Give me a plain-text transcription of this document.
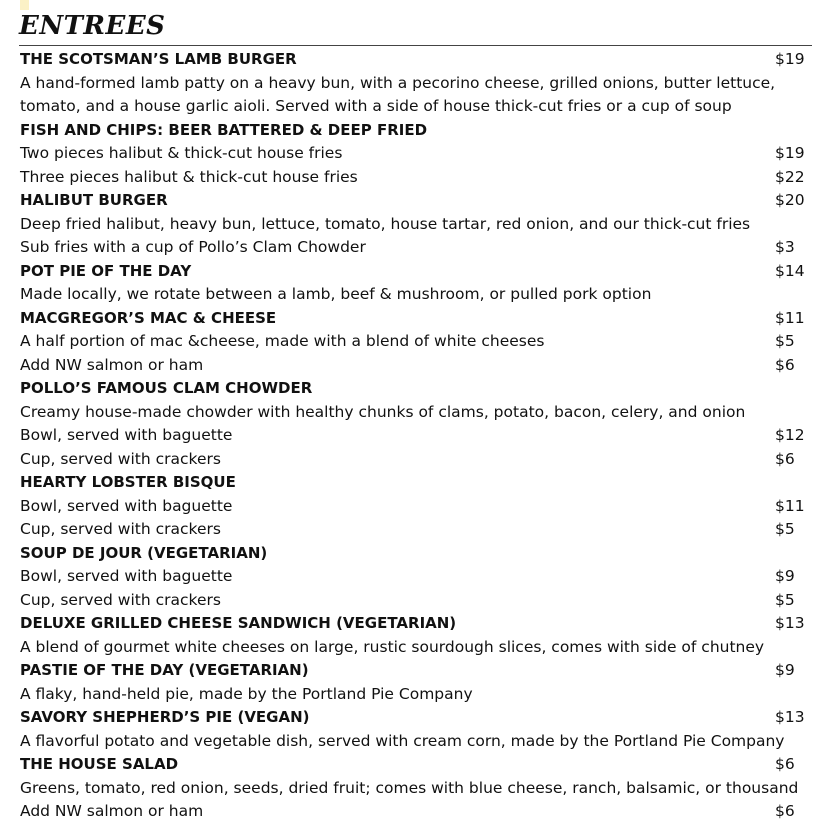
ENTREES
THE SCOTSMAN’S LAMB BURGER	$19
A hand-formed lamb patty on a heavy bun, with a pecorino cheese, grilled onions, butter lettuce,
tomato, and a house garlic aioli. Served with a side of house thick-cut fries or a cup of soup
FISH AND CHIPS: BEER BATTERED & DEEP FRIED
Two pieces halibut & thick-cut house fries	$19
Three pieces halibut & thick-cut house fries	$22
HALIBUT BURGER	$20
Deep fried halibut, heavy bun, lettuce, tomato, house tartar, red onion, and our thick-cut fries
Sub fries with a cup of Pollo’s Clam Chowder	$3
POT PIE OF THE DAY	$14
Made locally, we rotate between a lamb, beef & mushroom, or pulled pork option
MACGREGOR’S MAC & CHEESE	$11
A half portion of mac &cheese, made with a blend of white cheeses	$5
Add NW salmon or ham	$6
POLLO’S FAMOUS CLAM CHOWDER
Creamy house-made chowder with healthy chunks of clams, potato, bacon, celery, and onion
Bowl, served with baguette	$12
Cup, served with crackers	$6
HEARTY LOBSTER BISQUE
Bowl, served with baguette	$11
Cup, served with crackers	$5
SOUP DE JOUR (VEGETARIAN)
Bowl, served with baguette	$9
Cup, served with crackers	$5
DELUXE GRILLED CHEESE SANDWICH (VEGETARIAN)	$13
A blend of gourmet white cheeses on large, rustic sourdough slices, comes with side of chutney
PASTIE OF THE DAY (VEGETARIAN)	$9
A flaky, hand-held pie, made by the Portland Pie Company
SAVORY SHEPHERD’S PIE (VEGAN)	$13
A flavorful potato and vegetable dish, served with cream corn, made by the Portland Pie Company
THE HOUSE SALAD	$6
Greens, tomato, red onion, seeds, dried fruit; comes with blue cheese, ranch, balsamic, or thousand
Add NW salmon or ham	$6
